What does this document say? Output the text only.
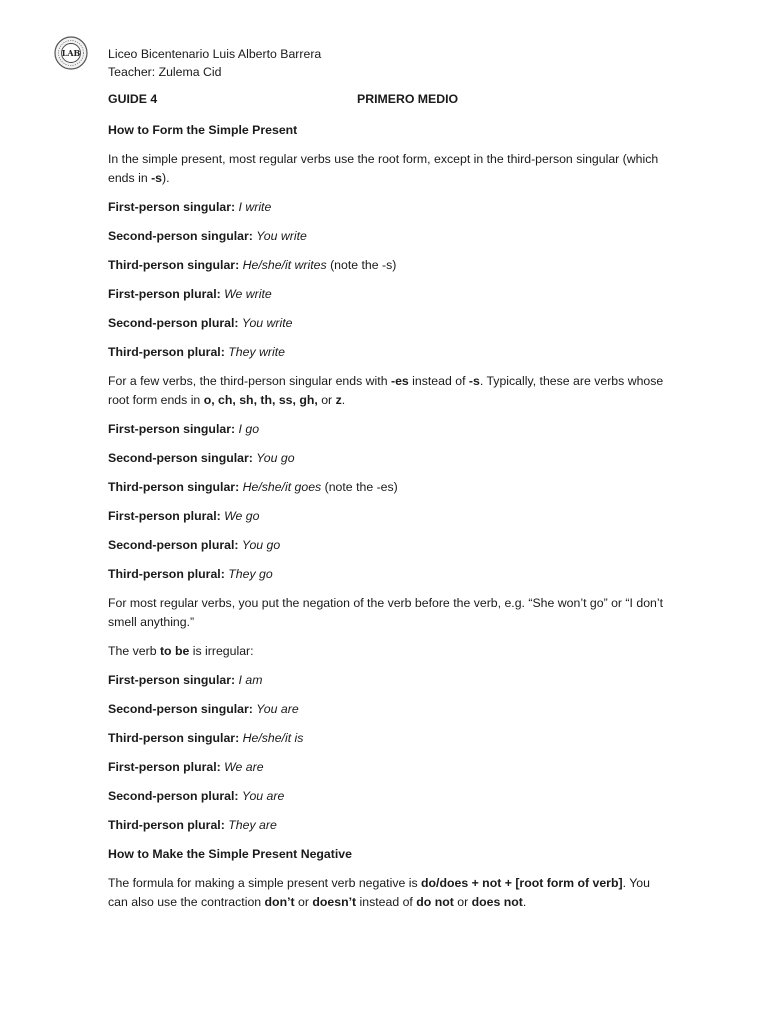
LAB Liceo Bicentenario Luis Alberto Barrera
Teacher: Zulema Cid
GUIDE 4	PRIMERO MEDIO
How to Form the Simple Present
In the simple present, most regular verbs use the root form, except in the third-person singular (which ends in -s).
First-person singular: I write
Second-person singular: You write
Third-person singular: He/she/it writes (note the -s)
First-person plural: We write
Second-person plural: You write
Third-person plural: They write
For a few verbs, the third-person singular ends with -es instead of -s. Typically, these are verbs whose root form ends in o, ch, sh, th, ss, gh, or z.
First-person singular: I go
Second-person singular: You go
Third-person singular: He/she/it goes (note the -es)
First-person plural: We go
Second-person plural: You go
Third-person plural: They go
For most regular verbs, you put the negation of the verb before the verb, e.g. “She won’t go” or “I don’t smell anything.”
The verb to be is irregular:
First-person singular: I am
Second-person singular: You are
Third-person singular: He/she/it is
First-person plural: We are
Second-person plural: You are
Third-person plural: They are
How to Make the Simple Present Negative
The formula for making a simple present verb negative is do/does + not + [root form of verb]. You can also use the contraction don’t or doesn’t instead of do not or does not.
